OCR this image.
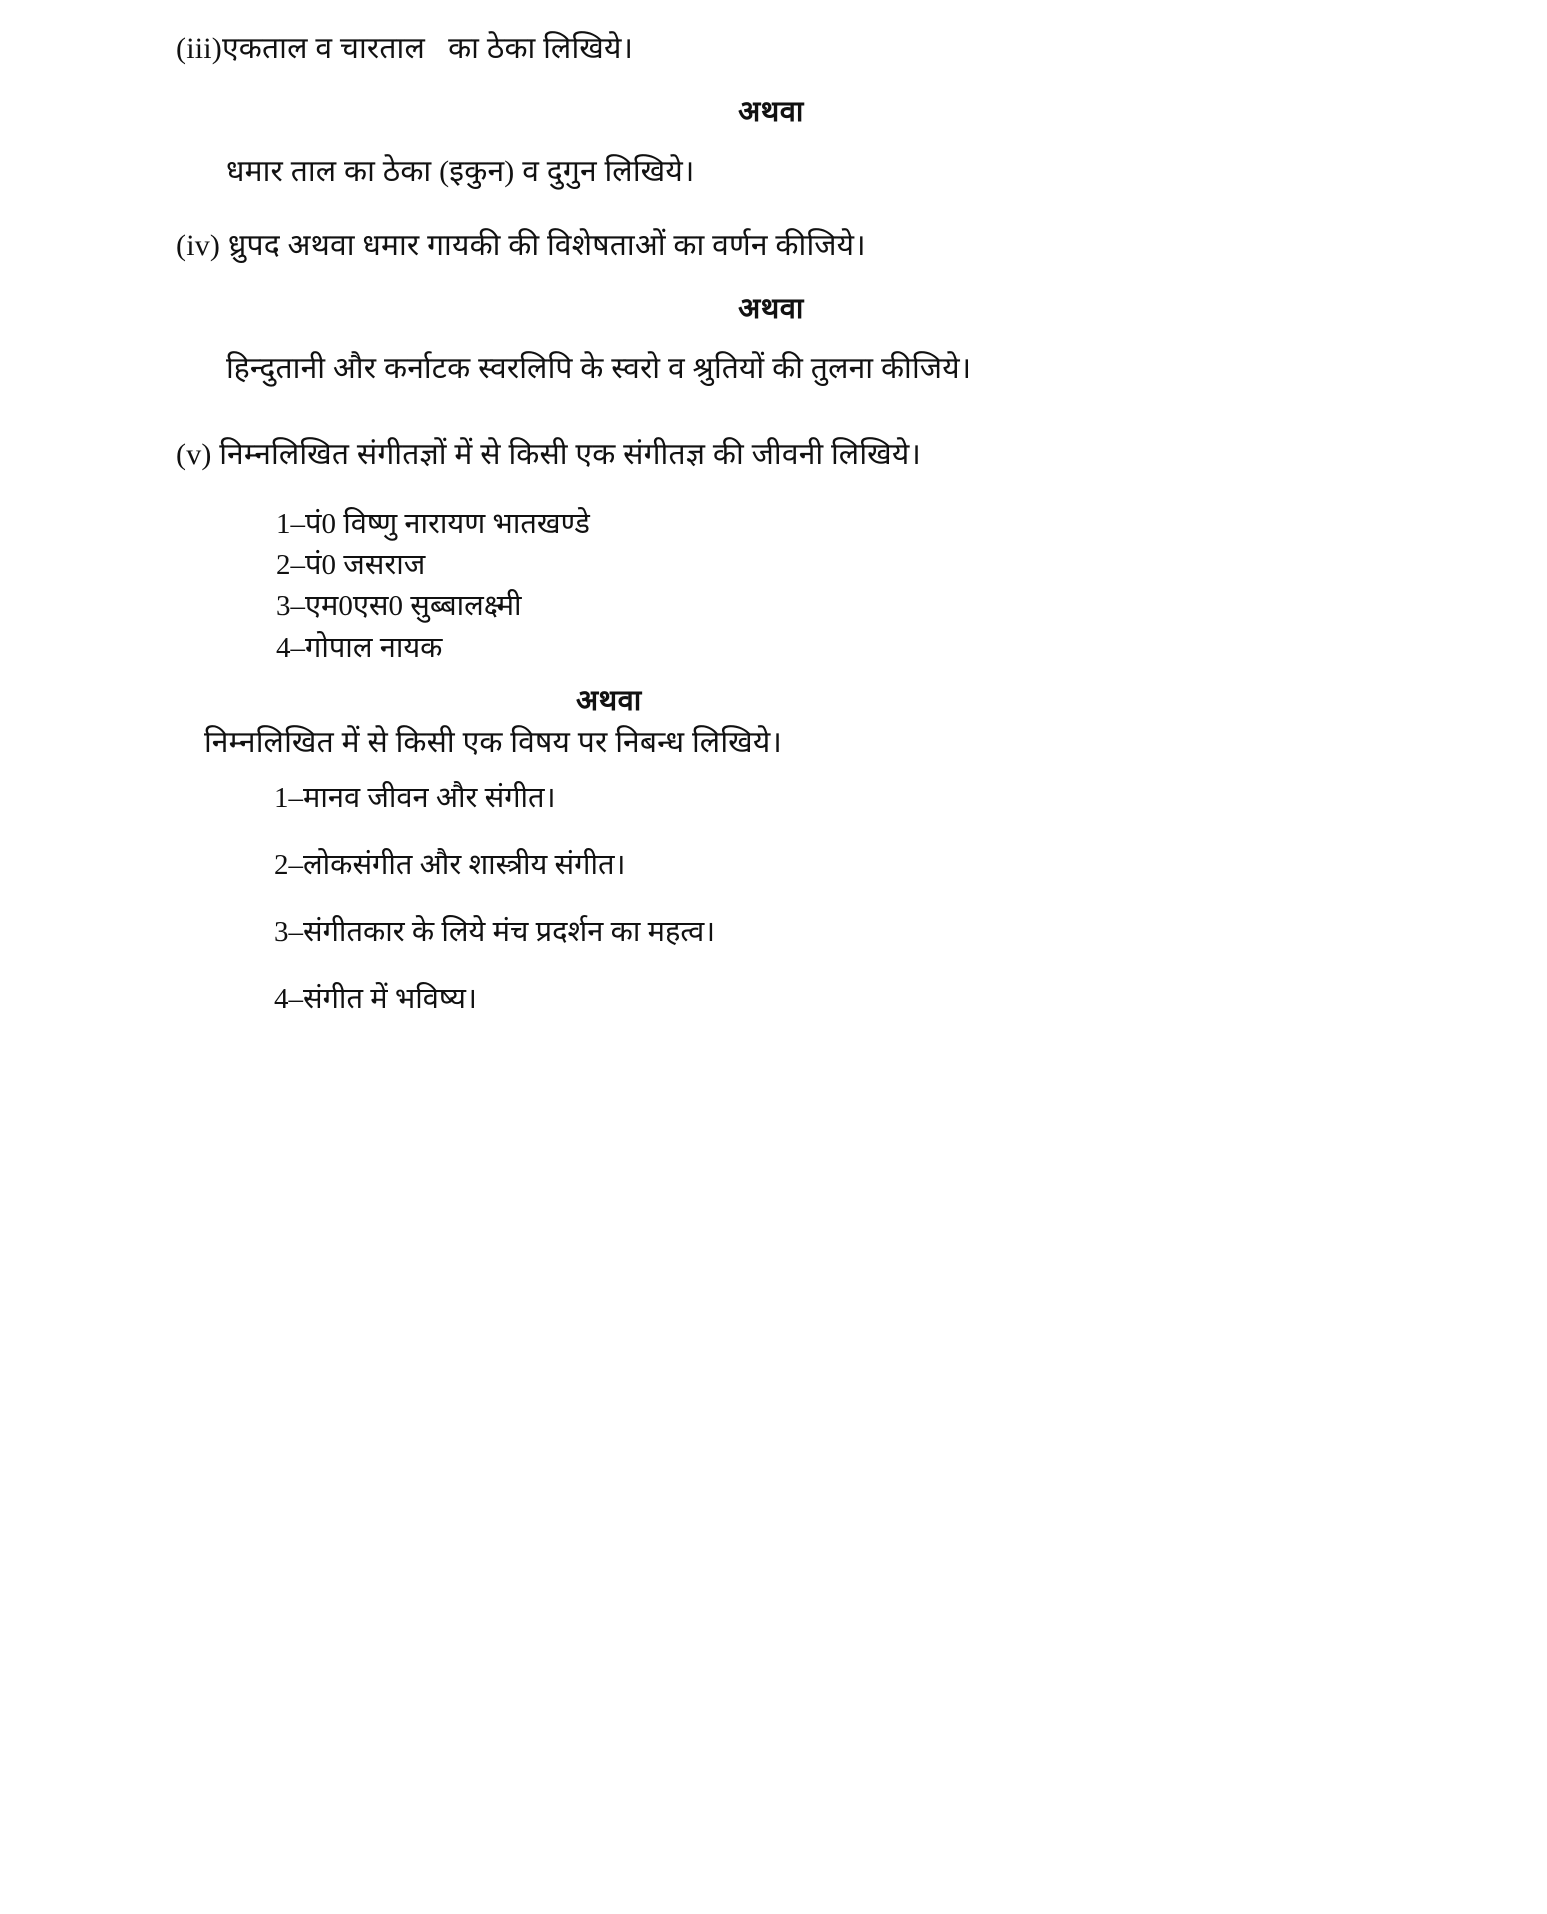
(iii)एकताल व चारताल   का ठेका लिखिये।
अथवा
धमार ताल का ठेका (इकुन) व दुगुन लिखिये।
(iv) ध्रुपद अथवा धमार गायकी की विशेषताओं का वर्णन कीजिये।
अथवा
हिन्दुतानी और कर्नाटक स्वरलिपि के स्वरो व श्रुतियों की तुलना कीजिये।
(v) निम्नलिखित संगीतज्ञों में से किसी एक संगीतज्ञ की जीवनी लिखिये।
1–पं0 विष्णु नारायण भातखण्डे
2–पं0 जसराज
3–एम0एस0 सुब्बालक्ष्मी
4–गोपाल नायक
अथवा
निम्नलिखित में से किसी एक विषय पर निबन्ध लिखिये।
1–मानव जीवन और संगीत।
2–लोकसंगीत और शास्त्रीय संगीत।
3–संगीतकार के लिये मंच प्रदर्शन का महत्व।
4–संगीत में भविष्य।
